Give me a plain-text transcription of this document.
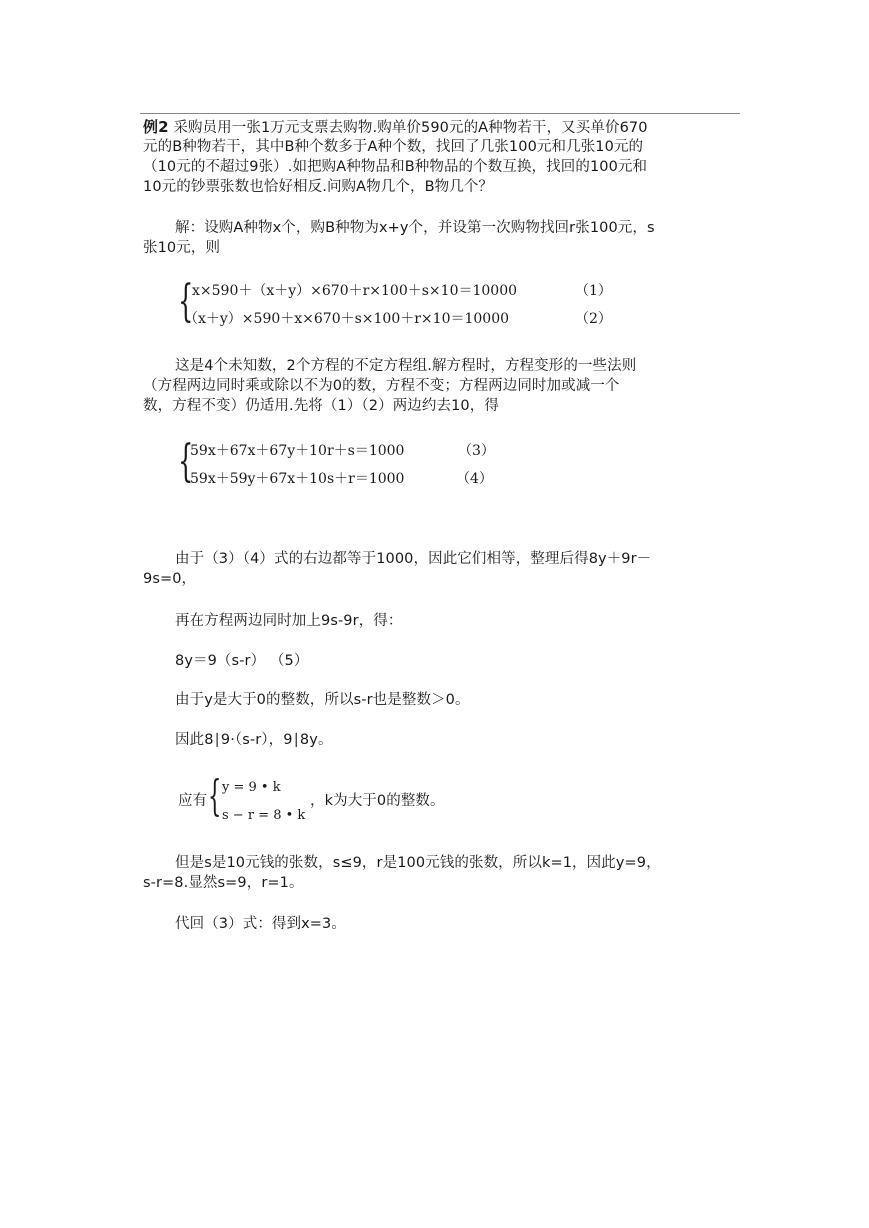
例2 采购员用一张1万元支票去购物.购单价590元的A种物若干，又买单价670
元的B种物若干，其中B种个数多于A种个数，找回了几张100元和几张10元的
（10元的不超过9张）.如把购A种物品和B种物品的个数互换，找回的100元和
10元的钞票张数也恰好相反.问购A物几个，B物几个？
解：设购A种物x个，购B种物为x+y个，并设第一次购物找回r张100元，s
张10元，则
{
x×590＋（x＋y）×670＋r×100＋s×10＝10000	（1）
（x＋y）×590＋x×670＋s×100＋r×10＝10000	（2）
这是4个未知数，2个方程的不定方程组.解方程时，方程变形的一些法则
（方程两边同时乘或除以不为0的数，方程不变；方程两边同时加或减一个
数，方程不变）仍适用.先将（1）（2）两边约去10，得
{
59x＋67x＋67y＋10r＋s＝1000	（3）
59x＋59y＋67x＋10s＋r＝1000	（4）
由于（3）（4）式的右边都等于1000，因此它们相等，整理后得8y＋9r－
9s=0，
再在方程两边同时加上9s-9r，得：
8y＝9（s-r） （5）
由于y是大于0的整数，所以s-r也是整数＞0。
因此8∣9·（s-r），9∣8y。
应有 { y = 9 • k
s − r = 8 • k
，k为大于0的整数。
但是s是10元钱的张数，s≤9，r是100元钱的张数，所以k=1，因此y=9，
s-r=8.显然s=9，r=1。
代回（3）式：得到x=3。
